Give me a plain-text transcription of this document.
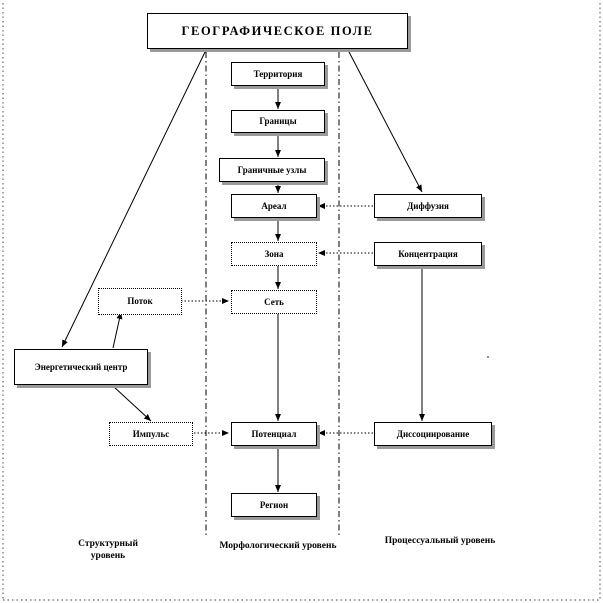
ГЕОГРАФИЧЕСКОЕ ПОЛЕ
Территория
Границы
Граничные узлы
Ареал
Зона
Сеть
Потенциал
Регион
Диффузия
Концентрация
Диссоциирование
Поток
Энергетический центр
Импульс
Структурный уровень
Морфологический уровень	Процессуальный уровень
